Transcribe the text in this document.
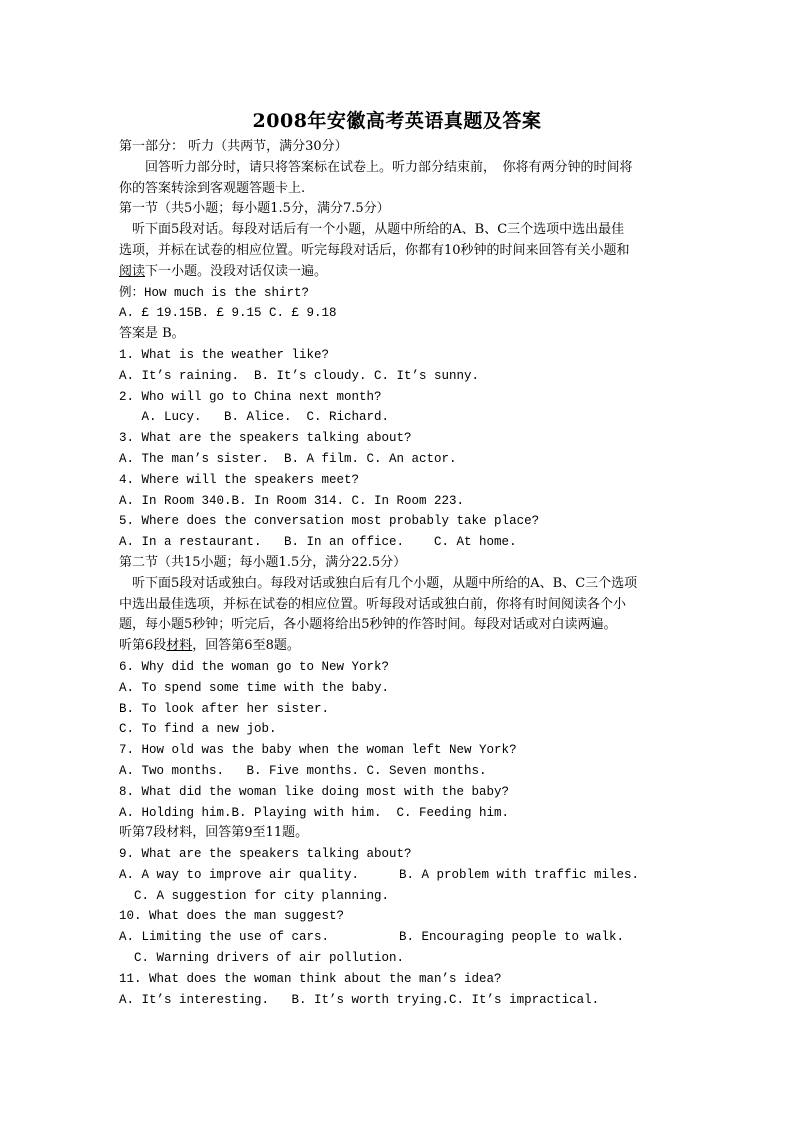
2008年安徽高考英语真题及答案
第一部分： 听力（共两节，满分30分）
　　回答听力部分时，请只将答案标在试卷上。听力部分结束前，　你将有两分钟的时间将
你的答案转涂到客观题答题卡上.
第一节（共5小题；每小题1.5分，满分7.5分）
　听下面5段对话。每段对话后有一个小题，从题中所给的A、B、C三个选项中选出最佳
选项，并标在试卷的相应位置。听完每段对话后，你都有10秒钟的时间来回答有关小题和
阅读下一小题。没段对话仅读一遍。
例：How much is the shirt?
A. £ 19.15B. £ 9.15 C. £ 9.18
答案是 B。
1. What is the weather like?
A. It’s raining.  B. It’s cloudy. C. It’s sunny.
2. Who will go to China next month?
A. Lucy.   B. Alice.  C. Richard.
3. What are the speakers talking about?
A. The man’s sister.  B. A film. C. An actor.
4. Where will the speakers meet?
A. In Room 340.B. In Room 314. C. In Room 223.
5. Where does the conversation most probably take place?
A. In a restaurant.   B. In an office.    C. At home.
第二节（共15小题；每小题1.5分，满分22.5分）
　听下面5段对话或独白。每段对话或独白后有几个小题，从题中所给的A、B、C三个选项
中选出最佳选项，并标在试卷的相应位置。听每段对话或独白前，你将有时间阅读各个小
题，每小题5秒钟；听完后，各小题将给出5秒钟的作答时间。每段对话或对白读两遍。
听第6段材料，回答第6至8题。
6. Why did the woman go to New York?
A. To spend some time with the baby.
B. To look after her sister.
C. To find a new job.
7. How old was the baby when the woman left New York?
A. Two months.   B. Five months. C. Seven months.
8. What did the woman like doing most with the baby?
A. Holding him.B. Playing with him.  C. Feeding him.
听第7段材料，回答第9至11题。
9. What are the speakers talking about?
A. A way to improve air quality.	B. A problem with traffic miles.
C. A suggestion for city planning.
10. What does the man suggest?
A. Limiting the use of cars.	B. Encouraging people to walk.
C. Warning drivers of air pollution.
11. What does the woman think about the man’s idea?
A. It’s interesting.   B. It’s worth trying.C. It’s impractical.
